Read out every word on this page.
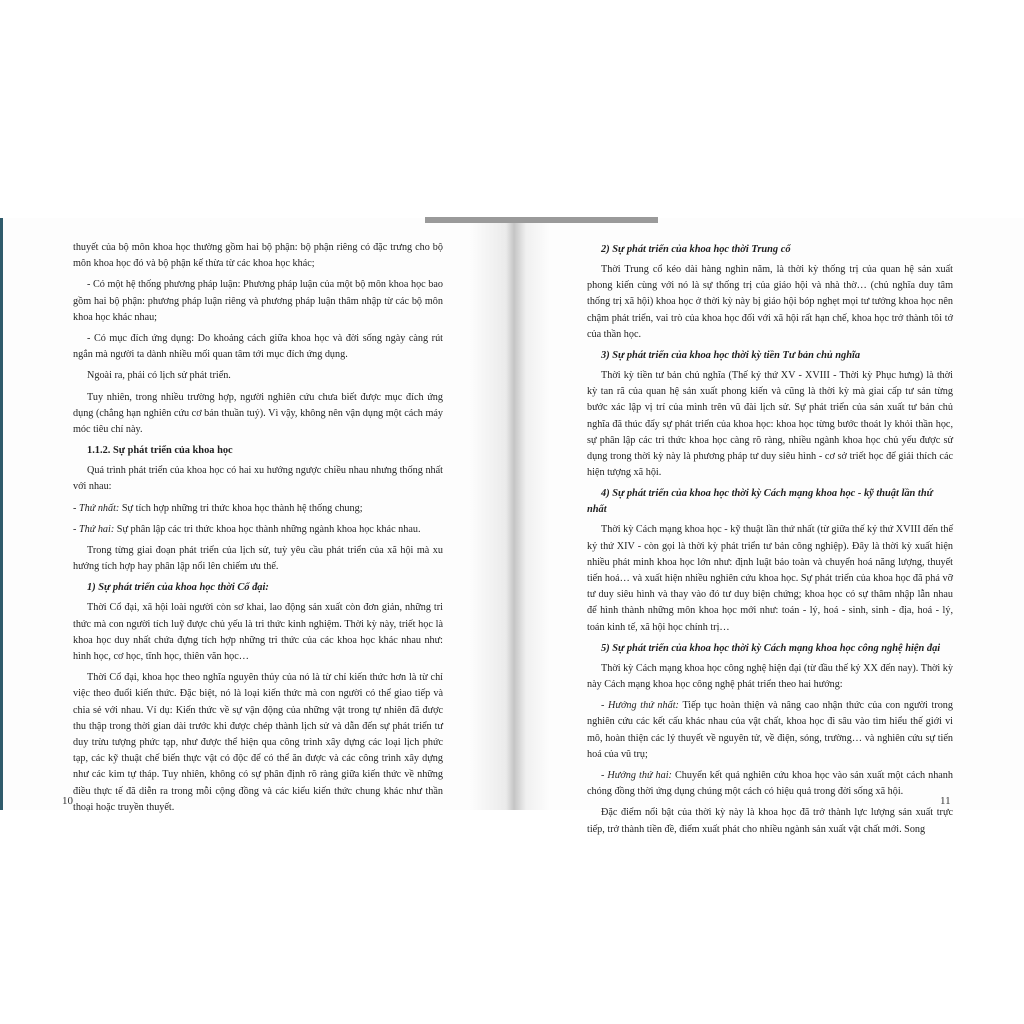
thuyết của bộ môn khoa học thường gồm hai bộ phận: bộ phận riêng có đặc trưng cho bộ môn khoa học đó và bộ phận kế thừa từ các khoa học khác;

- Có một hệ thống phương pháp luận: Phương pháp luận của một bộ môn khoa học bao gồm hai bộ phận: phương pháp luận riêng và phương pháp luận thâm nhập từ các bộ môn khoa học khác nhau;

- Có mục đích ứng dụng: Do khoảng cách giữa khoa học và đời sống ngày càng rút ngắn mà người ta dành nhiều mối quan tâm tới mục đích ứng dụng.

Ngoài ra, phải có lịch sử phát triển.

Tuy nhiên, trong nhiều trường hợp, người nghiên cứu chưa biết được mục đích ứng dụng (chẳng hạn nghiên cứu cơ bản thuần tuý). Vì vậy, không nên vận dụng một cách máy móc tiêu chí này.

1.1.2. Sự phát triển của khoa học

Quá trình phát triển của khoa học có hai xu hướng ngược chiều nhau nhưng thống nhất với nhau:

- Thứ nhất: Sự tích hợp những tri thức khoa học thành hệ thống chung;

- Thứ hai: Sự phân lập các tri thức khoa học thành những ngành khoa học khác nhau.

Trong từng giai đoạn phát triển của lịch sử, tuỳ yêu cầu phát triển của xã hội mà xu hướng tích hợp hay phân lập nổi lên chiếm ưu thế.

1) Sự phát triển của khoa học thời Cổ đại:

Thời Cổ đại, xã hội loài người còn sơ khai, lao động sản xuất còn đơn giản, những tri thức mà con người tích luỹ được chủ yếu là tri thức kinh nghiệm. Thời kỳ này, triết học là khoa học duy nhất chứa đựng tích hợp những tri thức của các khoa học khác nhau như: hình học, cơ học, tĩnh học, thiên văn học…

Thời Cổ đại, khoa học theo nghĩa nguyên thủy của nó là từ chỉ kiến thức hơn là từ chỉ việc theo đuổi kiến thức. Đặc biệt, nó là loại kiến thức mà con người có thể giao tiếp và chia sẻ với nhau. Ví dụ: Kiến thức về sự vận động của những vật trong tự nhiên đã được thu thập trong thời gian dài trước khi được chép thành lịch sử và dẫn đến sự phát triển tư duy trừu tượng phức tạp, như được thể hiện qua công trình xây dựng các loại lịch phức tạp, các kỹ thuật chế biến thực vật có độc để có thể ăn được và các công trình xây dựng như các kim tự tháp. Tuy nhiên, không có sự phân định rõ ràng giữa kiến thức về những điều thực tế đã diễn ra trong mỗi cộng đồng và các kiểu kiến thức chung khác như thần thoại hoặc truyền thuyết.

10

2) Sự phát triển của khoa học thời Trung cổ

Thời Trung cổ kéo dài hàng nghìn năm, là thời kỳ thống trị của quan hệ sản xuất phong kiến cùng với nó là sự thống trị của giáo hội và nhà thờ… (chủ nghĩa duy tâm thống trị xã hội) khoa học ở thời kỳ này bị giáo hội bóp nghẹt mọi tư tưởng khoa học nên chậm phát triển, vai trò của khoa học đối với xã hội rất hạn chế, khoa học trở thành tôi tớ của thần học.

3) Sự phát triển của khoa học thời kỳ tiền Tư bản chủ nghĩa

Thời kỳ tiền tư bản chủ nghĩa (Thế kỷ thứ XV - XVIII - Thời kỳ Phục hưng) là thời kỳ tan rã của quan hệ sản xuất phong kiến và cũng là thời kỳ mà giai cấp tư sản từng bước xác lập vị trí của mình trên vũ đài lịch sử. Sự phát triển của sản xuất tư bản chủ nghĩa đã thúc đẩy sự phát triển của khoa học: khoa học từng bước thoát ly khỏi thần học, sự phân lập các tri thức khoa học càng rõ ràng, nhiều ngành khoa học chủ yếu được sử dụng trong thời kỳ này là phương pháp tư duy siêu hình - cơ sở triết học để giải thích các hiện tượng xã hội.

4) Sự phát triển của khoa học thời kỳ Cách mạng khoa học - kỹ thuật lần thứ nhất

Thời kỳ Cách mạng khoa học - kỹ thuật lần thứ nhất (từ giữa thế kỷ thứ XVIII đến thế kỷ thứ XIV - còn gọi là thời kỳ phát triển tư bản công nghiệp). Đây là thời kỳ xuất hiện nhiều phát minh khoa học lớn như: định luật bảo toàn và chuyển hoá năng lượng, thuyết tiến hoá… và xuất hiện nhiều nghiên cứu khoa học. Sự phát triển của khoa học đã phá vỡ tư duy siêu hình và thay vào đó tư duy biện chứng; khoa học có sự thâm nhập lẫn nhau để hình thành những môn khoa học mới như: toán - lý, hoá - sinh, sinh - địa, hoá - lý, toán kinh tế, xã hội học chính trị…

5) Sự phát triển của khoa học thời kỳ Cách mạng khoa học công nghệ hiện đại

Thời kỳ Cách mạng khoa học công nghệ hiện đại (từ đầu thế kỷ XX đến nay). Thời kỳ này Cách mạng khoa học công nghệ phát triển theo hai hướng:

- Hướng thứ nhất: Tiếp tục hoàn thiện và nâng cao nhận thức của con người trong nghiên cứu các kết cấu khác nhau của vật chất, khoa học đi sâu vào tìm hiểu thế giới vi mô, hoàn thiện các lý thuyết về nguyên tử, về điện, sóng, trường… và nghiên cứu sự tiến hoá của vũ trụ;

- Hướng thứ hai: Chuyển kết quả nghiên cứu khoa học vào sản xuất một cách nhanh chóng đồng thời ứng dụng chúng một cách có hiệu quả trong đời sống xã hội.

Đặc điểm nổi bật của thời kỳ này là khoa học đã trở thành lực lượng sản xuất trực tiếp, trở thành tiền đề, điểm xuất phát cho nhiều ngành sản xuất vật chất mới. Song

11
